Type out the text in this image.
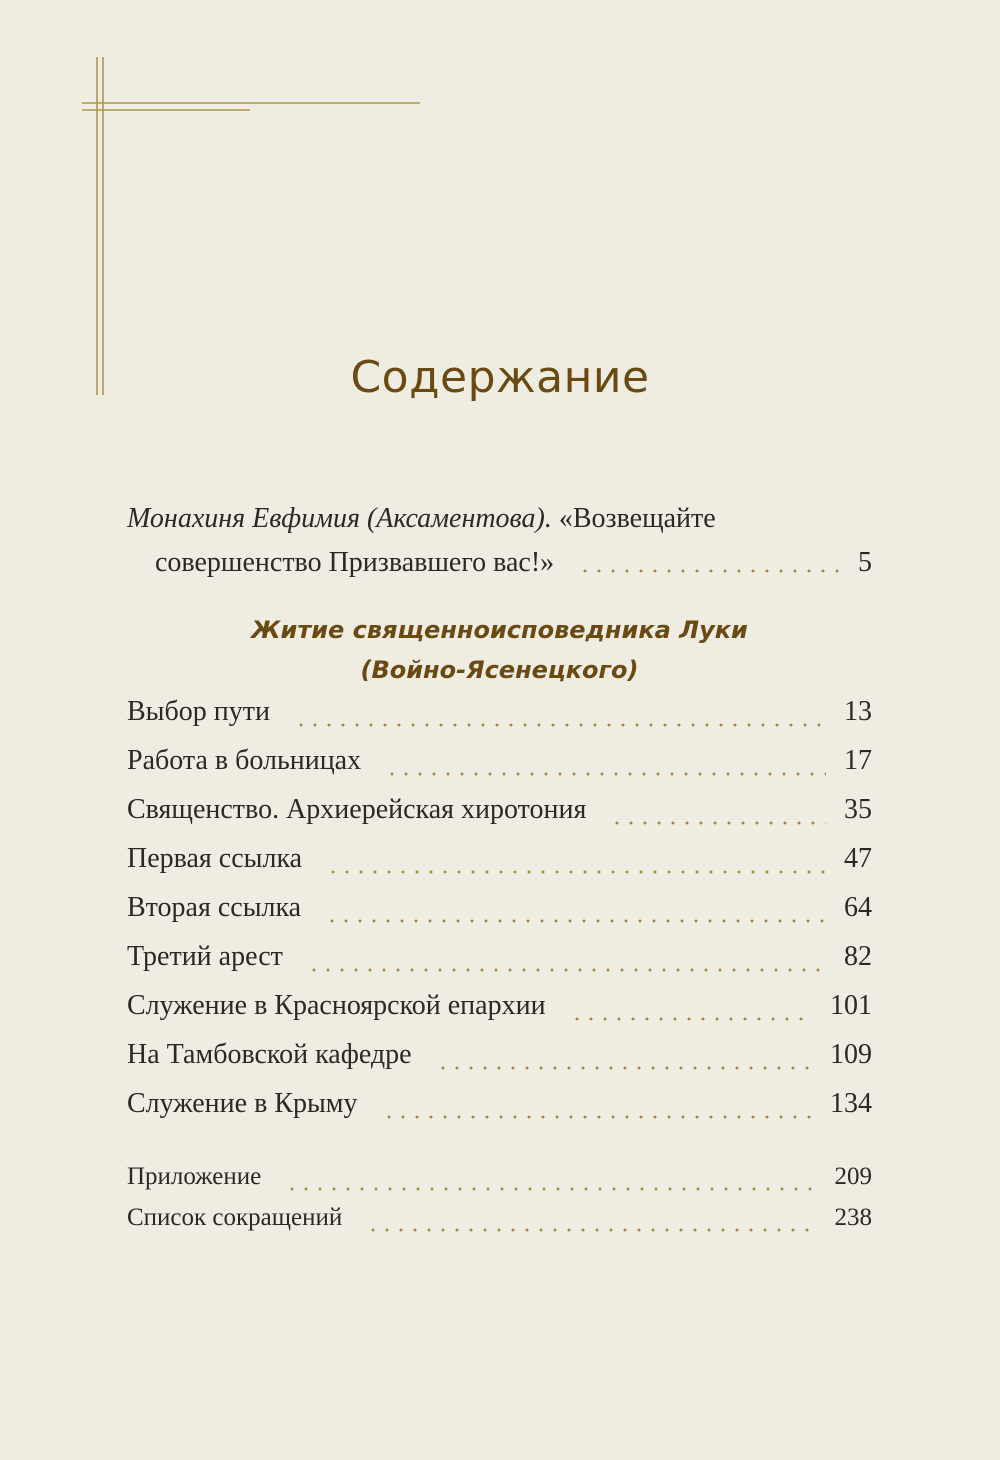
Содержание
Монахиня Евфимия (Аксаментова). «Возвещайте
совершенство Призвавшего вас!»	5
Житие священноисповедника Луки
(Войно-Ясенецкого)
Выбор пути	13
Работа в больницах	17
Священство. Архиерейская хиротония	35
Первая ссылка	47
Вторая ссылка	64
Третий арест	82
Служение в Красноярской епархии	101
На Тамбовской кафедре	109
Служение в Крыму	134
Приложение	209
Список сокращений	238
